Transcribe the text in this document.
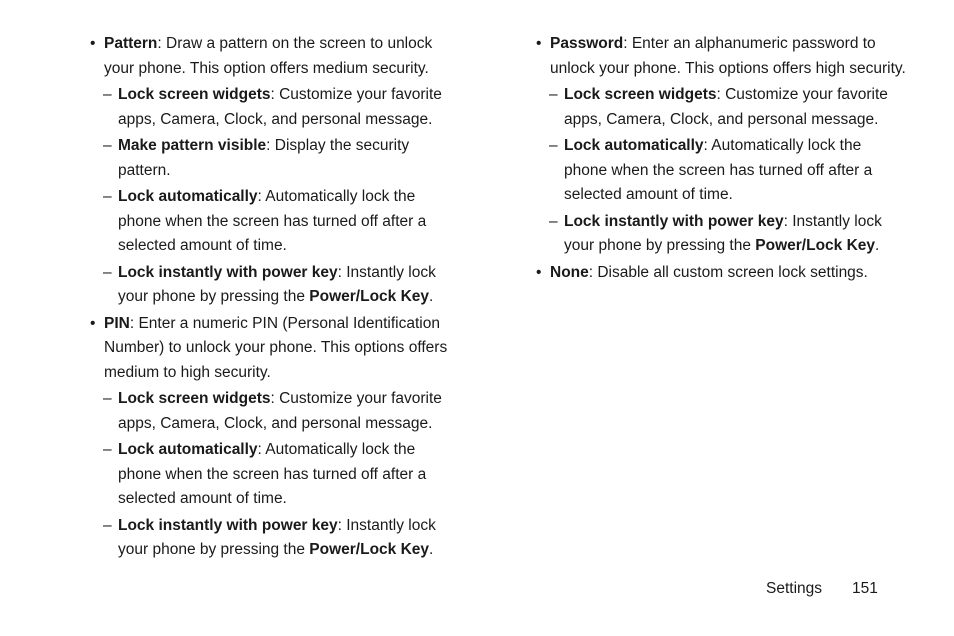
• Pattern: Draw a pattern on the screen to unlock your phone. This option offers medium security.
– Lock screen widgets: Customize your favorite apps, Camera, Clock, and personal message.
– Make pattern visible: Display the security pattern.
– Lock automatically: Automatically lock the phone when the screen has turned off after a selected amount of time.
– Lock instantly with power key: Instantly lock your phone by pressing the Power/Lock Key.
• PIN: Enter a numeric PIN (Personal Identification Number) to unlock your phone. This options offers medium to high security.
– Lock screen widgets: Customize your favorite apps, Camera, Clock, and personal message.
– Lock automatically: Automatically lock the phone when the screen has turned off after a selected amount of time.
– Lock instantly with power key: Instantly lock your phone by pressing the Power/Lock Key.
• Password: Enter an alphanumeric password to unlock your phone. This options offers high security.
– Lock screen widgets: Customize your favorite apps, Camera, Clock, and personal message.
– Lock automatically: Automatically lock the phone when the screen has turned off after a selected amount of time.
– Lock instantly with power key: Instantly lock your phone by pressing the Power/Lock Key.
• None: Disable all custom screen lock settings.
Settings 151
